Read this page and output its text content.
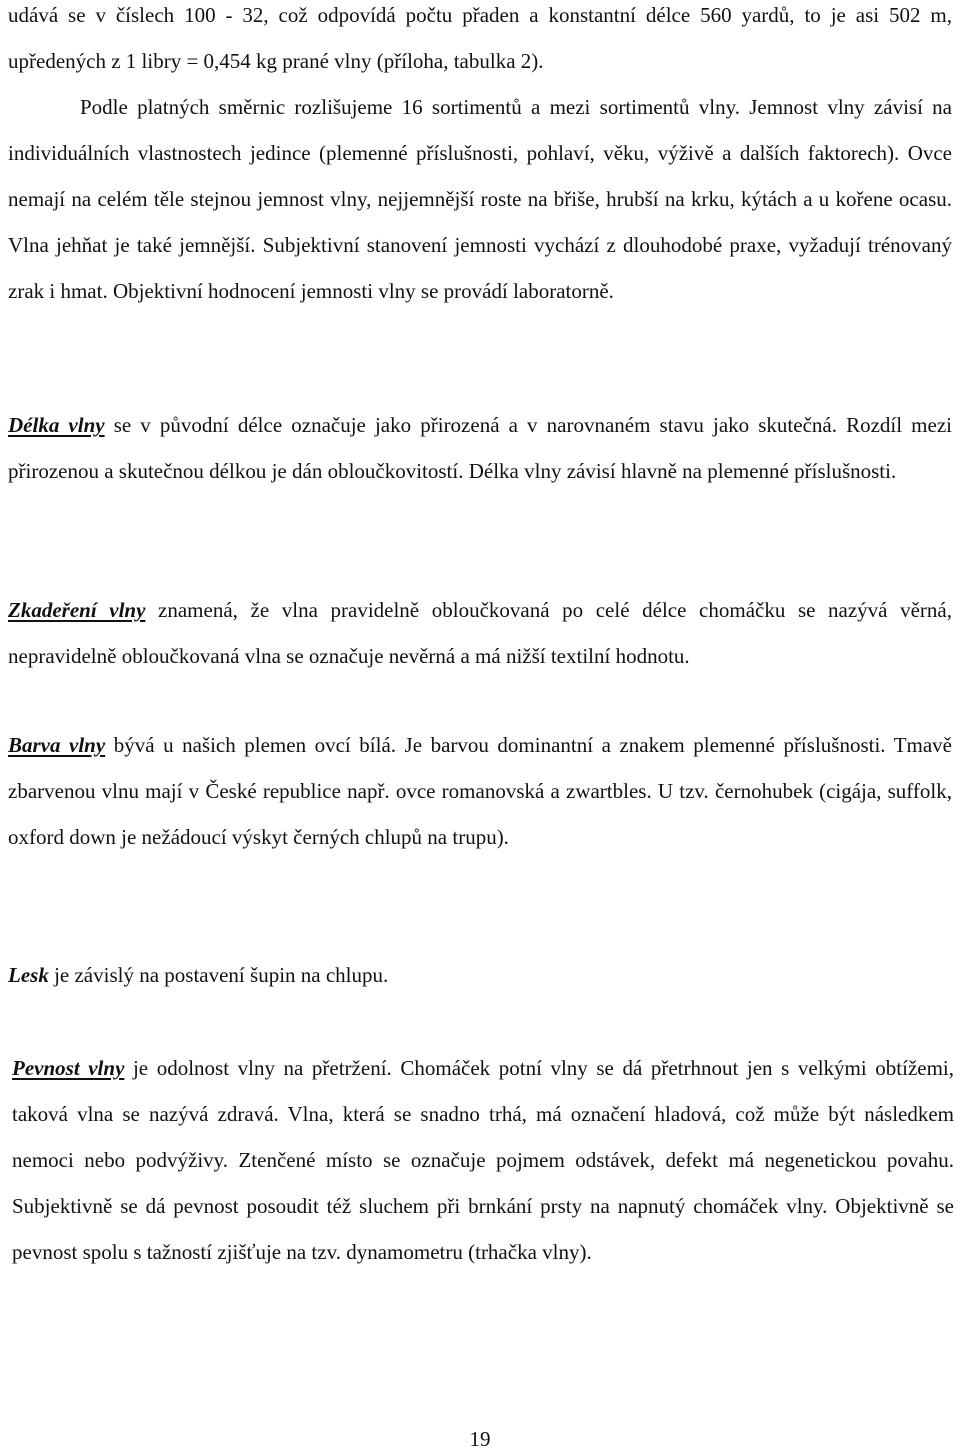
udává se v číslech 100 - 32, což odpovídá počtu přaden a konstantní délce 560 yardů, to je asi 502 m, upředených z 1 libry = 0,454 kg prané vlny (příloha, tabulka 2).
Podle platných směrnic rozlišujeme 16 sortimentů a mezi sortimentů vlny. Jemnost vlny závisí na individuálních vlastnostech jedince (plemenné příslušnosti, pohlaví, věku, výživě a dalších faktorech). Ovce nemají na celém těle stejnou jemnost vlny, nejjemnější roste na břiše, hrubší na krku, kýtách a u kořene ocasu. Vlna jehňat je také jemnější. Subjektivní stanovení jemnosti vychází z dlouhodobé praxe, vyžadují trénovaný zrak i hmat. Objektivní hodnocení jemnosti vlny se provádí laboratorně.

Délka vlny se v původní délce označuje jako přirozená a v narovnaném stavu jako skutečná. Rozdíl mezi přirozenou a skutečnou délkou je dán obloučkovitostí. Délka vlny závisí hlavně na plemenné příslušnosti.

Zkadeření vlny znamená, že vlna pravidelně obloučkovaná po celé délce chomáčku se nazývá věrná, nepravidelně obloučkovaná vlna se označuje nevěrná a má nižší textilní hodnotu.

Barva vlny bývá u našich plemen ovcí bílá. Je barvou dominantní a znakem plemenné příslušnosti. Tmavě zbarvenou vlnu mají v České republice např. ovce romanovská a zwartbles. U tzv. černohubek (cigája, suffolk, oxford down je nežádoucí výskyt černých chlupů na trupu).

Lesk je závislý na postavení šupin na chlupu.

Pevnost vlny je odolnost vlny na přetržení. Chomáček potní vlny se dá přetrhnout jen s velkými obtížemi, taková vlna se nazývá zdravá. Vlna, která se snadno trhá, má označení hladová, což může být následkem nemoci nebo podvýživy. Ztenčené místo se označuje pojmem odstávek, defekt má negenetickou povahu. Subjektivně se dá pevnost posoudit též sluchem při brnkání prsty na napnutý chomáček vlny. Objektivně se pevnost spolu s tažností zjišťuje na tzv. dynamometru (trhačka vlny).

19
